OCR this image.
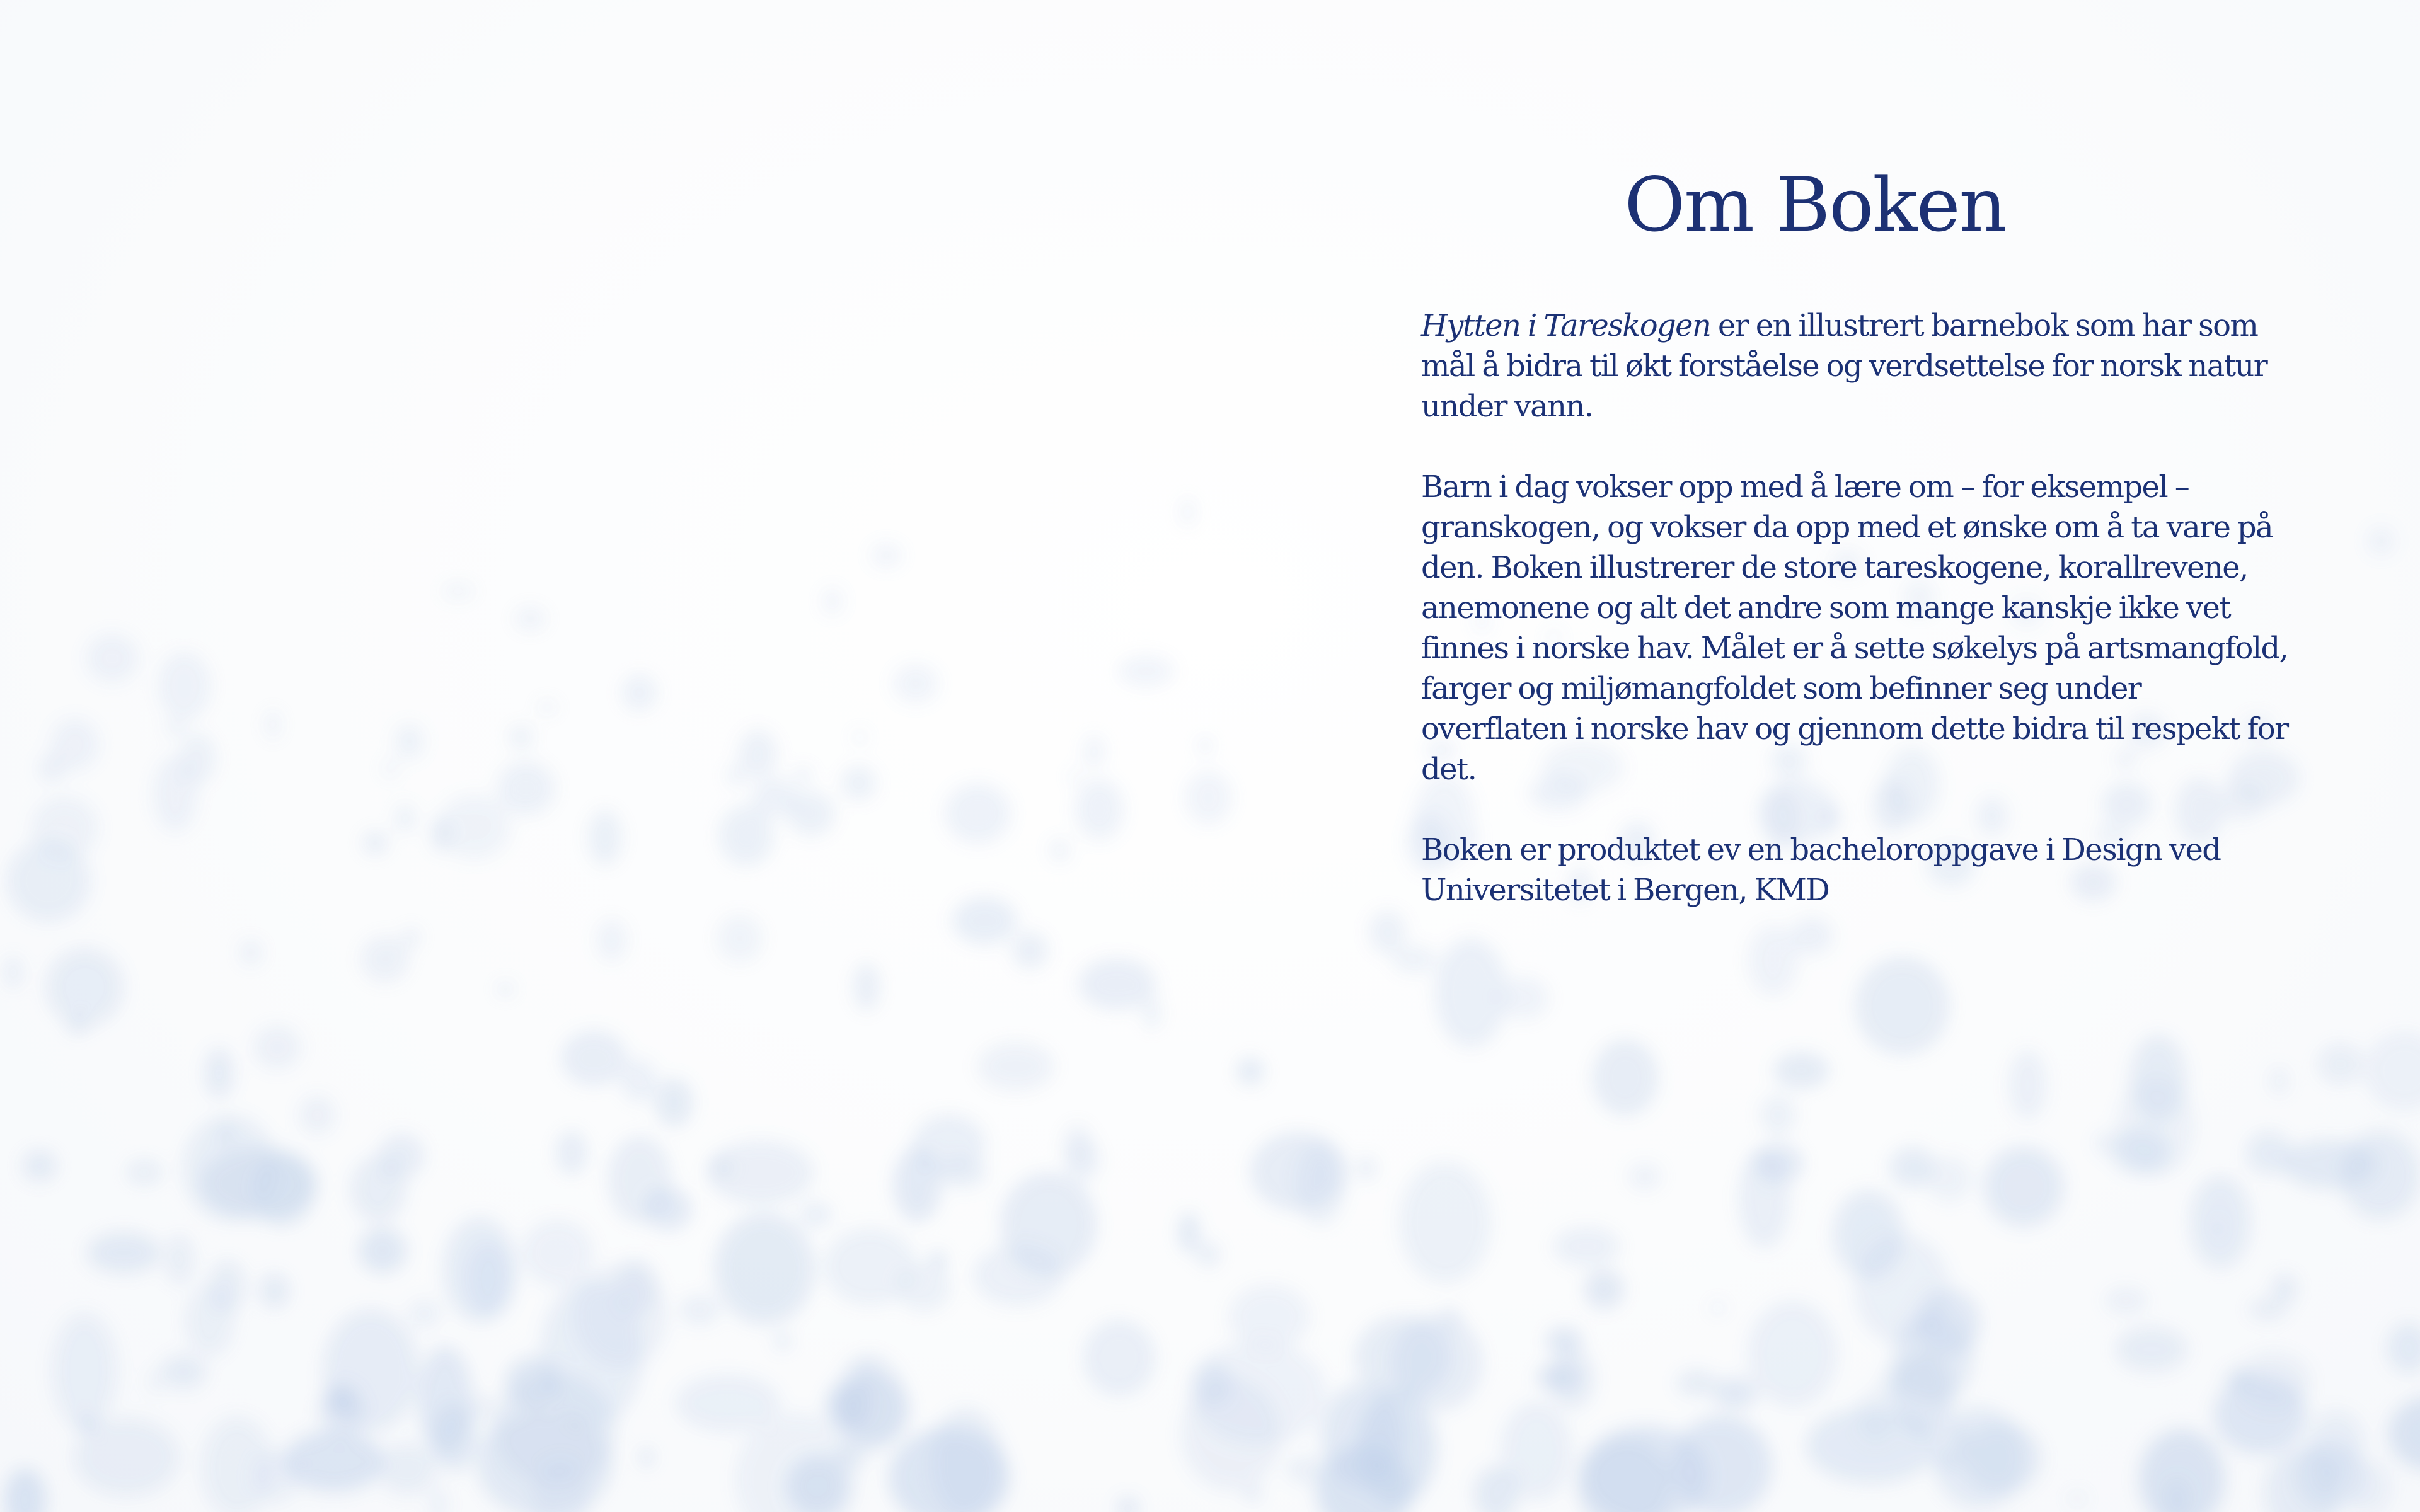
Om Boken

Hytten i Tareskogen er en illustrert barnebok som har som mål å bidra til økt forståelse og verdsettelse for norsk natur under vann.

Barn i dag vokser opp med å lære om – for eksempel – granskogen, og vokser da opp med et ønske om å ta vare på den. Boken illustrerer de store tareskogene, korallrevene, anemonene og alt det andre som mange kanskje ikke vet finnes i norske hav. Målet er å sette søkelys på artsmangfold, farger og miljømangfoldet som befinner seg under overflaten i norske hav og gjennom dette bidra til respekt for det.

Boken er produktet ev en bacheloroppgave i Design ved Universitetet i Bergen, KMD
